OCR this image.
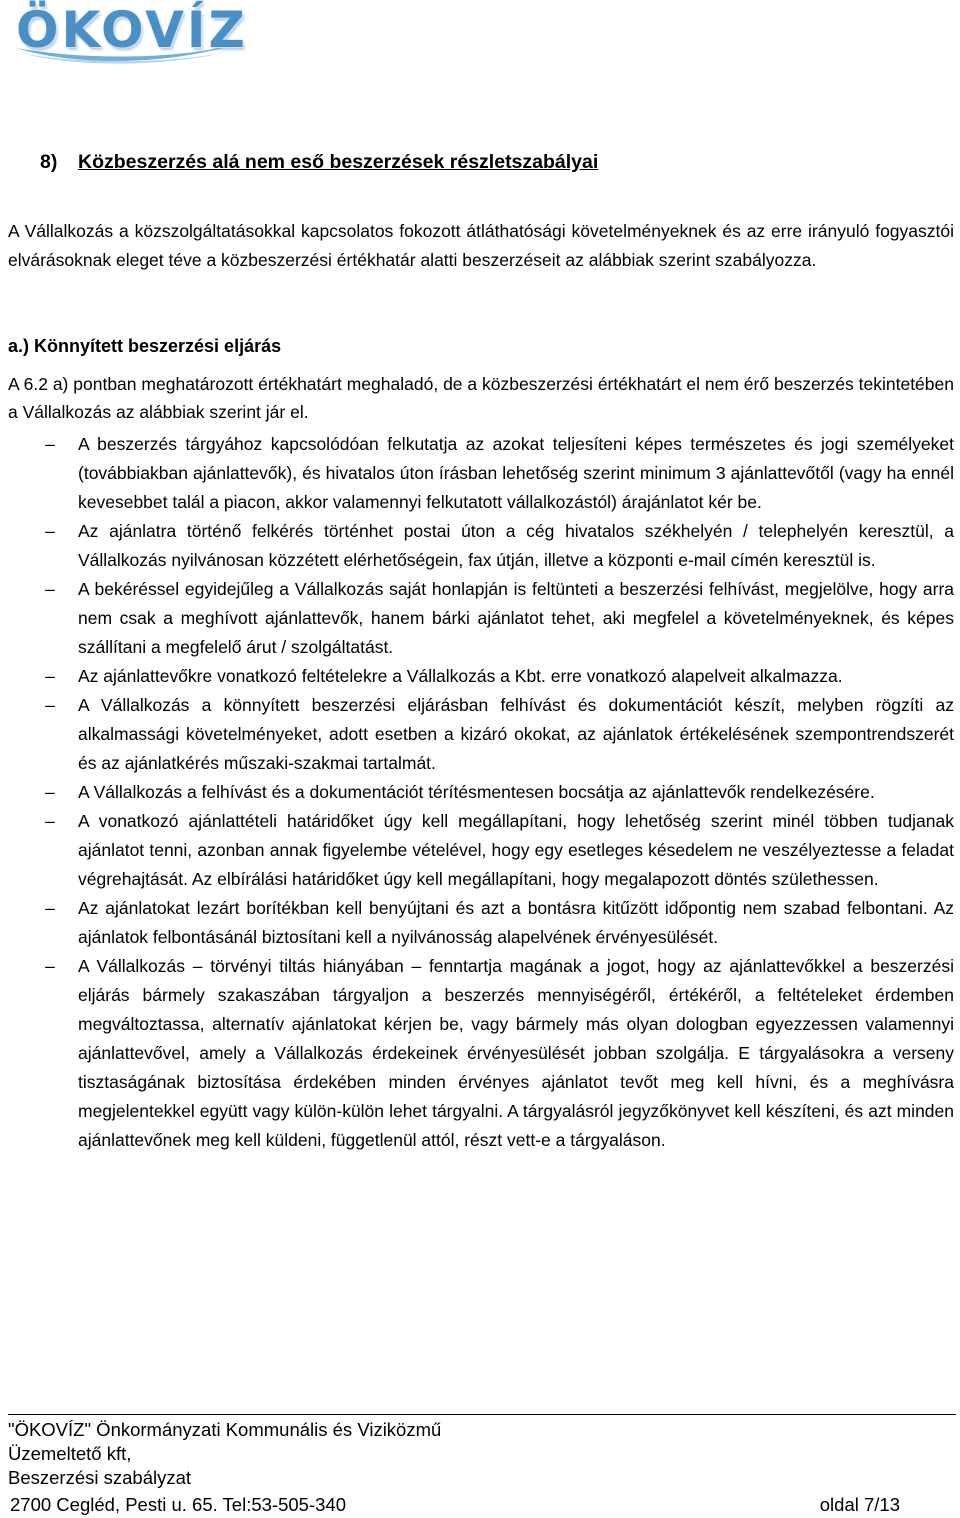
ÖKOVÍZ
8) Közbeszerzés alá nem eső beszerzések részletszabályai
A Vállalkozás a közszolgáltatásokkal kapcsolatos fokozott átláthatósági követelményeknek és az erre irányuló fogyasztói elvárásoknak eleget téve a közbeszerzési értékhatár alatti beszerzéseit az alábbiak szerint szabályozza.
a.) Könnyített beszerzési eljárás
A 6.2 a) pontban meghatározott értékhatárt meghaladó, de a közbeszerzési értékhatárt el nem érő beszerzés tekintetében a Vállalkozás az alábbiak szerint jár el.
– A beszerzés tárgyához kapcsolódóan felkutatja az azokat teljesíteni képes természetes és jogi személyeket (továbbiakban ajánlattevők), és hivatalos úton írásban lehetőség szerint minimum 3 ajánlattevőtől (vagy ha ennél kevesebbet talál a piacon, akkor valamennyi felkutatott vállalkozástól) árajánlatot kér be.
– Az ajánlatra történő felkérés történhet postai úton a cég hivatalos székhelyén / telephelyén keresztül, a Vállalkozás nyilvánosan közzétett elérhetőségein, fax útján, illetve a központi e-mail címén keresztül is.
– A bekéréssel egyidejűleg a Vállalkozás saját honlapján is feltünteti a beszerzési felhívást, megjelölve, hogy arra nem csak a meghívott ajánlattevők, hanem bárki ajánlatot tehet, aki megfelel a követelményeknek, és képes szállítani a megfelelő árut / szolgáltatást.
– Az ajánlattevőkre vonatkozó feltételekre a Vállalkozás a Kbt. erre vonatkozó alapelveit alkalmazza.
– A Vállalkozás a könnyített beszerzési eljárásban felhívást és dokumentációt készít, melyben rögzíti az alkalmassági követelményeket, adott esetben a kizáró okokat, az ajánlatok értékelésének szempontrendszerét és az ajánlatkérés műszaki-szakmai tartalmát.
– A Vállalkozás a felhívást és a dokumentációt térítésmentesen bocsátja az ajánlattevők rendelkezésére.
– A vonatkozó ajánlattételi határidőket úgy kell megállapítani, hogy lehetőség szerint minél többen tudjanak ajánlatot tenni, azonban annak figyelembe vételével, hogy egy esetleges késedelem ne veszélyeztesse a feladat végrehajtását. Az elbírálási határidőket úgy kell megállapítani, hogy megalapozott döntés születhessen.
– Az ajánlatokat lezárt borítékban kell benyújtani és azt a bontásra kitűzött időpontig nem szabad felbontani. Az ajánlatok felbontásánál biztosítani kell a nyilvánosság alapelvének érvényesülését.
– A Vállalkozás – törvényi tiltás hiányában – fenntartja magának a jogot, hogy az ajánlattevőkkel a beszerzési eljárás bármely szakaszában tárgyaljon a beszerzés mennyiségéről, értékéről, a feltételeket érdemben megváltoztassa, alternatív ajánlatokat kérjen be, vagy bármely más olyan dologban egyezzessen valamennyi ajánlattevővel, amely a Vállalkozás érdekeinek érvényesülését jobban szolgálja. E tárgyalásokra a verseny tisztaságának biztosítása érdekében minden érvényes ajánlatot tevőt meg kell hívni, és a meghívásra megjelentekkel együtt vagy külön-külön lehet tárgyalni. A tárgyalásról jegyzőkönyvet kell készíteni, és azt minden ajánlattevőnek meg kell küldeni, függetlenül attól, részt vett-e a tárgyaláson.
"ÖKOVÍZ" Önkormányzati Kommunális és Viziközmű
Üzemeltető kft,
Beszerzési szabályzat
2700 Cegléd, Pesti u. 65. Tel:53-505-340	oldal 7/13
